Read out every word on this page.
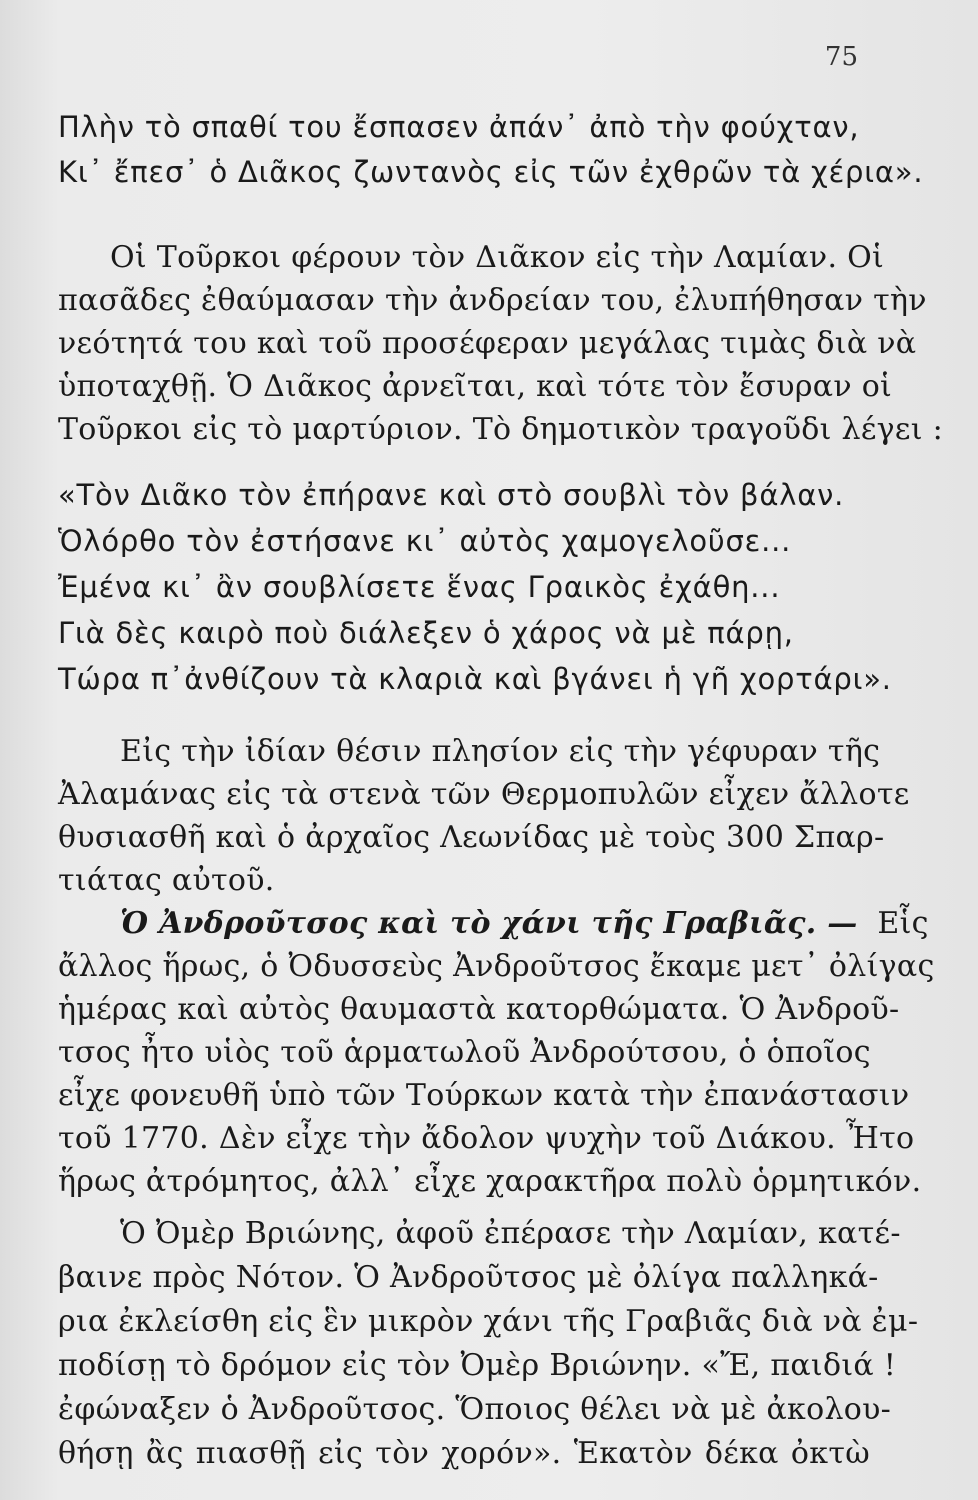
75
Πλὴν τὸ σπαθί του ἔσπασεν ἀπάν᾽ ἀπὸ τὴν φούχταν,
Κι᾽ ἔπεσ᾽ ὁ Διᾶκος ζωντανὸς εἰς τῶν ἐχθρῶν τὰ χέρια».
Οἱ Τοῦρκοι φέρουν τὸν Διᾶκον εἰς τὴν Λαμίαν. Οἱ
πασᾶδες ἐθαύμασαν τὴν ἀνδρείαν του, ἐλυπήθησαν τὴν
νεότητά του καὶ τοῦ προσέφεραν μεγάλας τιμὰς διὰ νὰ
ὑποταχθῇ. Ὁ Διᾶκος ἀρνεῖται, καὶ τότε τὸν ἔσυραν οἱ
Τοῦρκοι εἰς τὸ μαρτύριον. Τὸ δημοτικὸν τραγοῦδι λέγει :
«Τὸν Διᾶκο τὸν ἐπήρανε καὶ στὸ σουβλὶ τὸν βάλαν.
Ὁλόρθο τὸν ἐστήσανε κι᾽ αὐτὸς χαμογελοῦσε...
Ἐμένα κι᾽ ἂν σουβλίσετε ἕνας Γραικὸς ἐχάθη...
Γιὰ δὲς καιρὸ ποὺ διάλεξεν ὁ χάρος νὰ μὲ πάρῃ,
Τώρα π᾽ἀνθίζουν τὰ κλαριὰ καὶ βγάνει ἡ γῆ χορτάρι».
Εἰς τὴν ἰδίαν θέσιν πλησίον εἰς τὴν γέφυραν τῆς
Ἀλαμάνας εἰς τὰ στενὰ τῶν Θερμοπυλῶν εἶχεν ἄλλοτε
θυσιασθῆ καὶ ὁ ἀρχαῖος Λεωνίδας μὲ τοὺς 300 Σπαρ-
τιάτας αὐτοῦ.
Ὁ Ἀνδροῦτσος καὶ τὸ χάνι τῆς Γραβιᾶς. — Εἷς
ἄλλος ἥρως, ὁ Ὀδυσσεὺς Ἀνδροῦτσος ἔκαμε μετ᾽ ὀλίγας
ἡμέρας καὶ αὐτὸς θαυμαστὰ κατορθώματα. Ὁ Ἀνδροῦ-
τσος ἦτο υἱὸς τοῦ ἁρματωλοῦ Ἀνδρούτσου, ὁ ὁποῖος
εἶχε φονευθῆ ὑπὸ τῶν Τούρκων κατὰ τὴν ἐπανάστασιν
τοῦ 1770. Δὲν εἶχε τὴν ἄδολον ψυχὴν τοῦ Διάκου. Ἦτο
ἥρως ἀτρόμητος, ἀλλ᾽ εἶχε χαρακτῆρα πολὺ ὁρμητικόν.
Ὁ Ὀμὲρ Βριώνης, ἀφοῦ ἐπέρασε τὴν Λαμίαν, κατέ-
βαινε πρὸς Νότον. Ὁ Ἀνδροῦτσος μὲ ὀλίγα παλληκά-
ρια ἐκλείσθη εἰς ἓν μικρὸν χάνι τῆς Γραβιᾶς διὰ νὰ ἐμ-
ποδίσῃ τὸ δρόμον εἰς τὸν Ὀμὲρ Βριώνην. «Ἔ, παιδιά !
ἐφώναξεν ὁ Ἀνδροῦτσος. Ὅποιος θέλει νὰ μὲ ἀκολου-
θήσῃ ἂς πιασθῇ εἰς τὸν χορόν». Ἑκατὸν δέκα ὀκτὼ
